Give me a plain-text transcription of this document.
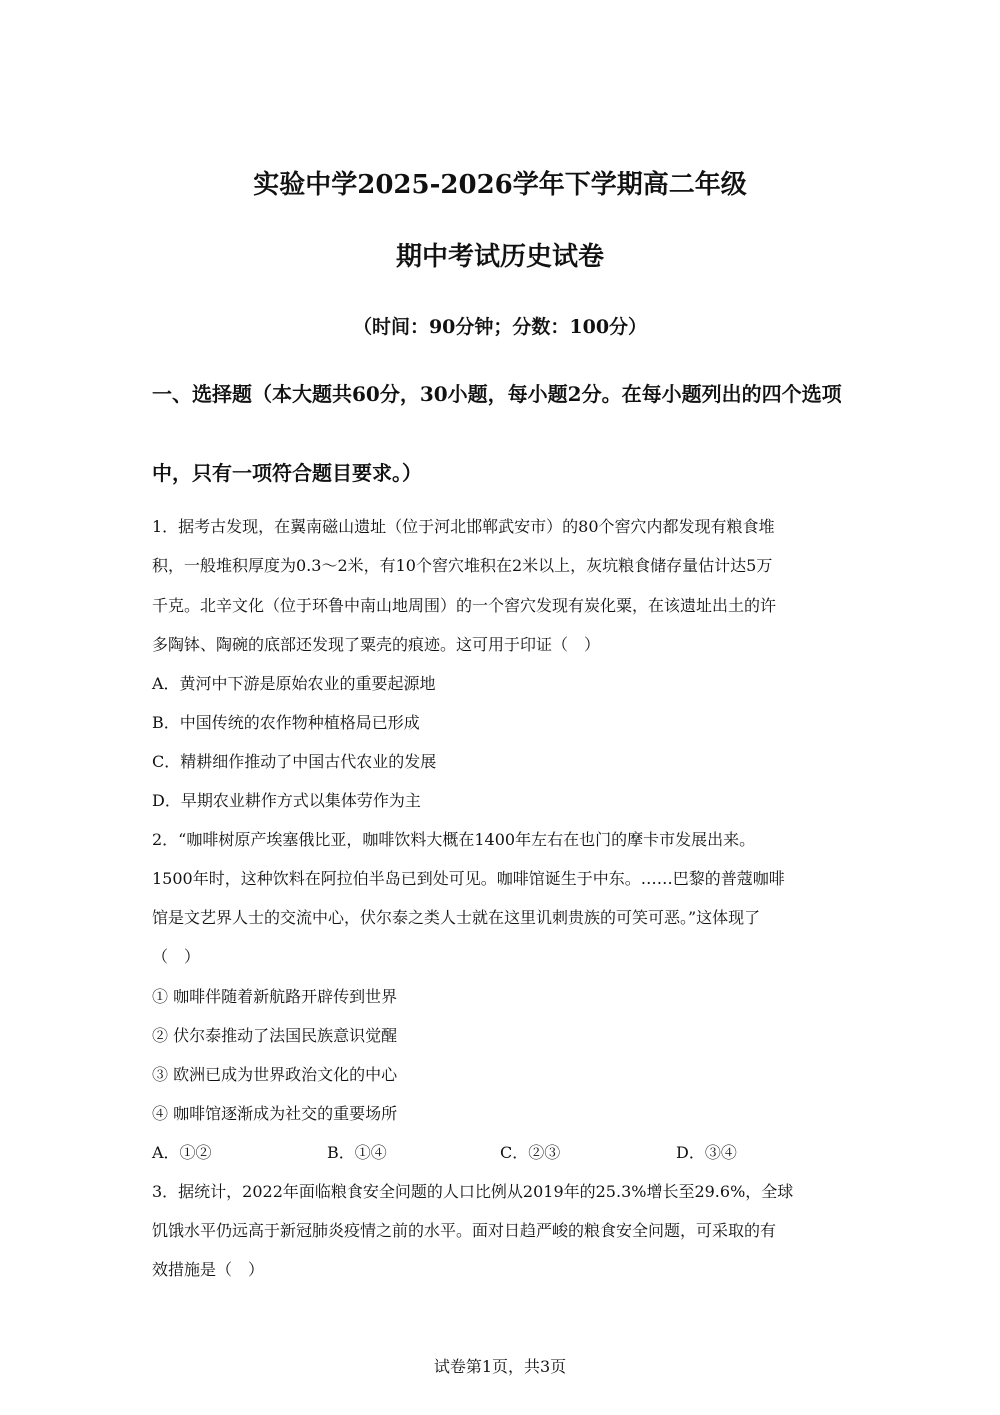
实验中学2025-2026学年下学期高二年级
期中考试历史试卷
（时间：90分钟；分数：100分）
一、选择题（本大题共60分，30小题，每小题2分。在每小题列出的四个选项
中，只有一项符合题目要求。）

1．据考古发现，在翼南磁山遗址（位于河北邯郸武安市）的80个窖穴内都发现有粮食堆

积，一般堆积厚度为0.3～2米，有10个窖穴堆积在2米以上，灰坑粮食储存量估计达5万

千克。北辛文化（位于环鲁中南山地周围）的一个窖穴发现有炭化粟，在该遗址出土的许

多陶钵、陶碗的底部还发现了粟壳的痕迹。这可用于印证（　）

A．黄河中下游是原始农业的重要起源地

B．中国传统的农作物种植格局已形成

C．精耕细作推动了中国古代农业的发展

D．早期农业耕作方式以集体劳作为主

2．“咖啡树原产埃塞俄比亚，咖啡饮料大概在1400年左右在也门的摩卡市发展出来。

1500年时，这种饮料在阿拉伯半岛已到处可见。咖啡馆诞生于中东。……巴黎的普蔻咖啡

馆是文艺界人士的交流中心，伏尔泰之类人士就在这里讥刺贵族的可笑可恶。”这体现了

（　）

① 咖啡伴随着新航路开辟传到世界

② 伏尔泰推动了法国民族意识觉醒

③ 欧洲已成为世界政治文化的中心

④ 咖啡馆逐渐成为社交的重要场所

A．①②	B．①④	C．②③	D．③④

3．据统计，2022年面临粮食安全问题的人口比例从2019年的25.3%增长至29.6%，全球

饥饿水平仍远高于新冠肺炎疫情之前的水平。面对日趋严峻的粮食安全问题，可采取的有

效措施是（　）

试卷第1页，共3页
